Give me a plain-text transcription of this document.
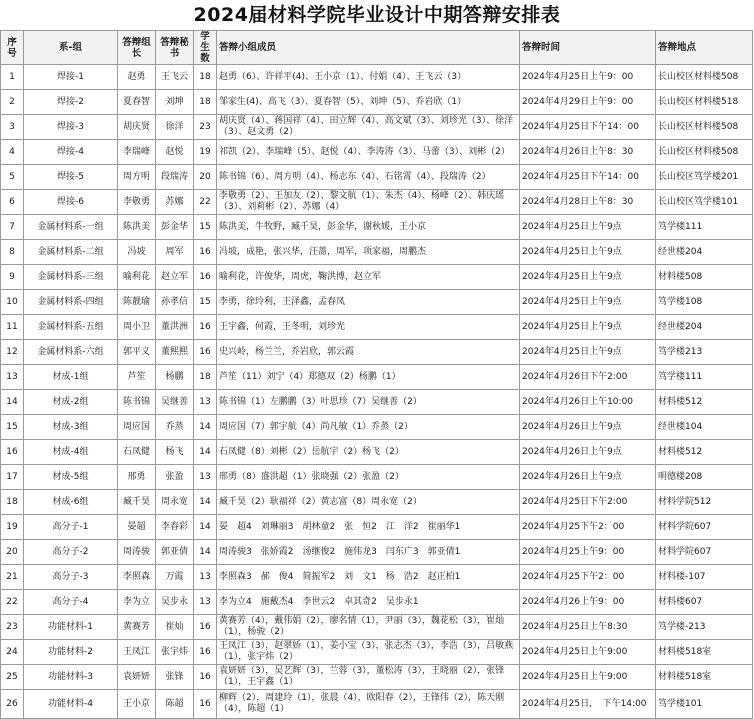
2024届材料学院毕业设计中期答辩安排表
序号	系-组	答辩组长	答辩秘书	学生数	答辩小组成员	答辩时间	答辩地点
1	焊接-1	赵勇	王飞云	18	赵勇（6）、许祥平(4)、王小京（1）、付娟（4）、王飞云（3）	2024年4月25日上午9：00	长山校区材料楼508
2	焊接-2	夏春智	刘坤	18	邹家生(4)、高飞（3）、夏春智（5）、刘坤（5）、乔岩欣（1）	2024年4月29日上午9：00	长山校区材料楼518
3	焊接-3	胡庆贤	徐洋	23	胡庆贤（4）、蒋国祥（4）、田立辉（4）、高文斌（3）、刘珍光（3）、徐洋（3）、赵文勇（2）	2024年4月25日下午14：00	长山校区材料楼508
4	焊接-4	李瑞峰	赵悦	19	祁凯（2）、李瑞峰（5）、赵悦（4）、李涛涛（3）、马蕾（3）、刘彬（2）	2024年4月26日上午8：30	长山校区材料楼508
5	焊接-5	周方明	段瑞涛	20	陈书锦（6）、周方明（4）、杨志东（4）、石铭霄（4）、段瑞涛（2）	2024年4月25日下午14：00	长山校区笃学楼201
6	焊接-6	李敬勇	苏娜	22	李敬勇（2）、王加友（2）、黎文航（1）、朱杰（4）、杨峰（2）、韩庆瑶（3）、刘莉彬（2）、苏娜（4）	2024年4月28日上午8：30	长山校区笃学楼101
7	金属材料系-一组	陈洪美	彭金华	15	陈洪美，牛牧野，臧千昊，彭金华，谢秋媛，王小京	2024年4月25日上午9点	笃学楼111
8	金属材料系-二组	冯坡	周军	16	冯坡，成艳，张兴华，汪蔷，周军，项家福，周鹏杰	2024年4月25日上午9点	经世楼204
9	金属材料系-三组	喻利花	赵立军	16	喻利花，许俊华，周虎，鞠洪博，赵立军	2024年4月25日上午9点	材料楼508
10	金属材料系-四组	陈靓瑜	孙孝信	15	李勇，徐玲利，王泽鑫，孟春凤	2024年4月25日上午9点	笃学楼108
11	金属材料系-五组	周小卫	董洪洲	16	王宇鑫，何霞，王冬明，刘珍光	2024年4月25日上午9点	经世楼204
12	金属材料系-六组	郭平义	董熙熙	16	史兴岭，杨兰兰，乔岩欣，郭云霞	2024年4月25日上午9点	笃学楼213
13	材成-1组	芦笙	杨鹏	18	芦笙（11）刘宁（4）郑德双（2）杨鹏（1）	2024年4月26日下午2:00	笃学楼111
14	材成-2组	陈书锦	吴继善	13	陈书锦（1）左鹏鹏（3）叶思珍（7）吴继善（2）	2024年4月26日上午10:00	材料楼512
15	材成-3组	周应国	乔蒸	14	周应国（7）郭宇航（4）尚凡敏（1）乔蒸（2）	2024年4月26日上午9点	经世楼104
16	材成-4组	石凤健	杨飞	14	石凤健（8）刘彬（2）岳航宇（2）杨飞（2）	2024年4月26日上午9点	材料楼512
17	材成-5组	邢勇	张盈	13	邢勇（8）盛洪超（1）张晓强（2）张盈（2）	2024年4月26日上午9点	明德楼208
18	材成-6组	臧千昊	周永宽	14	臧千昊（2）耿福祥（2）黄志富（8）周永宽（2）	2024年4月25日下午2:00	材料学院512
19	高分子-1	晏超	李春彩	14	晏　超4　刘琳丽3　胡林童2　张　恒2　江　洋2　崔丽华1	2024年4月25下午2：00	材料学院607
20	高分子-2	周涛骏	郭亚倩	14	周涛骏3　张娇霞2　汤继俊2　施伟龙3　闫东广3　郭亚倩1	2024年4月25上午9：00	材料学院607
21	高分子-3	李照森	万霞	13	李照森3　郝　俊4　简振军2　刘　文1　杨　浩2　赵正柏1	2024年4月25下午2：00	材料楼-107
22	高分子-4	李为立	吴步永	13	李为立4　施戴杰4　李世云2　卓其奇2　吴步永1	2024年4月26上午9：00	材料楼607
23	功能材料-1	黄赛芳	崔灿	16	黄赛芳（4），戴伟娟（2），廖名情（1），尹丽（3），魏花松（3），崔灿（1），杨骏（2）	2024年4月25日上午8:30	笃学楼-213
24	功能材料-2	王凤江	张宇炜	16	王凤江（3），赵翠娇（1），姜小宝（3），张志杰（3），李浩（3），吕敏燕（1），张宇炜（2）	2024年4月25日上午9:00	材料楼518室
25	功能材料-3	袁妍妍	张锋	16	袁妍妍（3），吴艺辉（3），兰蓉（3），董松涛（3），王晓丽（2），张锋（1），王宇鑫（1）	2024年4月25日上午9:00	材料楼518室
26	功能材料-4	王小京	陈超	16	柳辉（2），周建玲（1），张晨（4），欧阳春（2），王锋伟（2），陈天刚（4），陈超（1）	2024年4月25日，　下午14:00	笃学楼101
